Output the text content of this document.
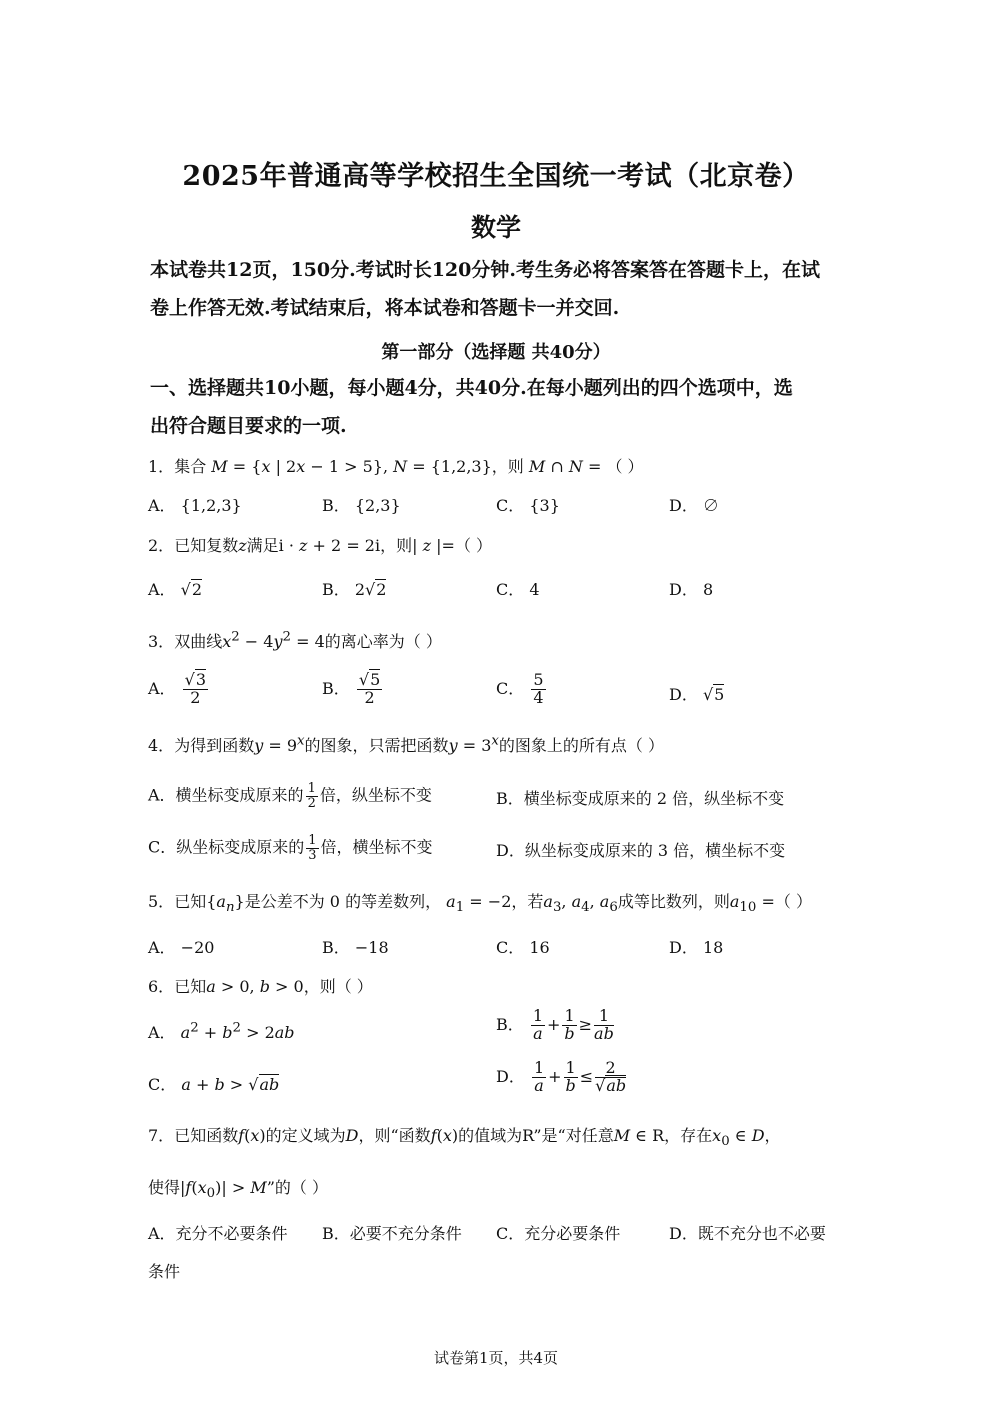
2025年普通高等学校招生全国统一考试（北京卷）
数学
本试卷共12页，150分.考试时长120分钟.考生务必将答案答在答题卡上，在试
卷上作答无效.考试结束后，将本试卷和答题卡一并交回.
第一部分（选择题 共40分）
一、选择题共10小题，每小题4分，共40分.在每小题列出的四个选项中，选
出符合题目要求的一项.
1．集合 M = {x | 2x − 1 > 5}, N = {1,2,3}，则 M ∩ N = （ ）
A． {1,2,3}	B． {2,3}	C． {3}	D． ∅
2．已知复数z满足i · z + 2 = 2i，则| z |=（ ）
A． √2	B． 2√2	C． 4	D． 8
3．双曲线$x^2 - 4y^2 = 4$的离心率为（ ）
A． $\frac{√3}{2}$	B． $\frac{√5}{2}$	C． $\frac{5}{4}$	D． √5
4．为得到函数$y = 9^x$的图象，只需把函数$y = 3^x$的图象上的所有点（ ）
A．横坐标变成原来的 $\frac{1}{2}$ 倍，纵坐标不变	B．横坐标变成原来的 2 倍，纵坐标不变
C．纵坐标变成原来的 $\frac{1}{3}$ 倍，横坐标不变	D．纵坐标变成原来的 3 倍，横坐标不变
5．已知$\{a_n\}$是公差不为 0 的等差数列， $a_1 = -2$，若$a_3$, $a_4$, $a_6$成等比数列，则$a_{10}$ =（ ）
A． −20	B． −18	C． 16	D． 18
6．已知a > 0, b > 0，则（ ）
A． $a^2 + b^2 > 2ab$	B． $\frac{1}{a} + \frac{1}{b} \ge \frac{1}{ab}$
C． a + b > √ab	D． $\frac{1}{a} + \frac{1}{b} \le \frac{2}{√ab}$
7．已知函数f(x)的定义域为D，则“函数f(x)的值域为R”是“对任意M ∈ R，存在$x_0$ ∈ D，
使得$|f(x_0)| > M$”的（ ）
A．充分不必要条件 B．必要不充分条件 C．充分必要条件	D．既不充分也不必要
条件
试卷第1页，共4页
